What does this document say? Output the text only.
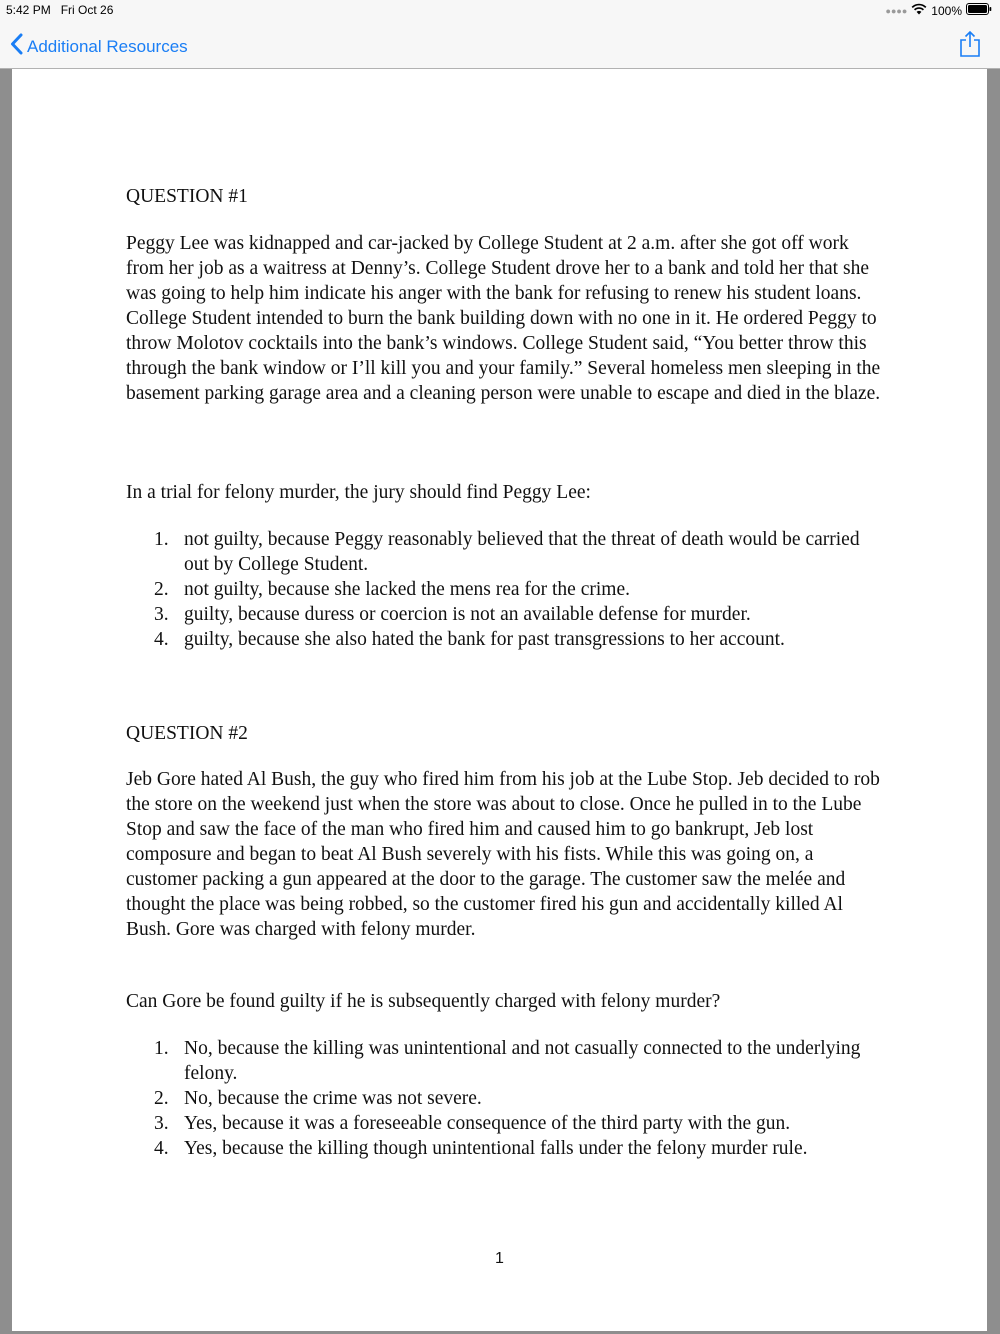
5:42 PM Fri Oct 26	●●●● 100%
Additional Resources
QUESTION #1

Peggy Lee was kidnapped and car-jacked by College Student at 2 a.m. after she got off work from her job as a waitress at Denny’s. College Student drove her to a bank and told her that she was going to help him indicate his anger with the bank for refusing to renew his student loans. College Student intended to burn the bank building down with no one in it. He ordered Peggy to throw Molotov cocktails into the bank’s windows. College Student said, “You better throw this through the bank window or I’ll kill you and your family.” Several homeless men sleeping in the basement parking garage area and a cleaning person were unable to escape and died in the blaze.

In a trial for felony murder, the jury should find Peggy Lee:

1. not guilty, because Peggy reasonably believed that the threat of death would be carried out by College Student.
2. not guilty, because she lacked the mens rea for the crime.
3. guilty, because duress or coercion is not an available defense for murder.
4. guilty, because she also hated the bank for past transgressions to her account.
QUESTION #2

Jeb Gore hated Al Bush, the guy who fired him from his job at the Lube Stop. Jeb decided to rob the store on the weekend just when the store was about to close. Once he pulled in to the Lube Stop and saw the face of the man who fired him and caused him to go bankrupt, Jeb lost composure and began to beat Al Bush severely with his fists. While this was going on, a customer packing a gun appeared at the door to the garage. The customer saw the melée and thought the place was being robbed, so the customer fired his gun and accidentally killed Al Bush. Gore was charged with felony murder.

Can Gore be found guilty if he is subsequently charged with felony murder?

1. No, because the killing was unintentional and not casually connected to the underlying felony.
2. No, because the crime was not severe.
3. Yes, because it was a foreseeable consequence of the third party with the gun.
4. Yes, because the killing though unintentional falls under the felony murder rule.
1
